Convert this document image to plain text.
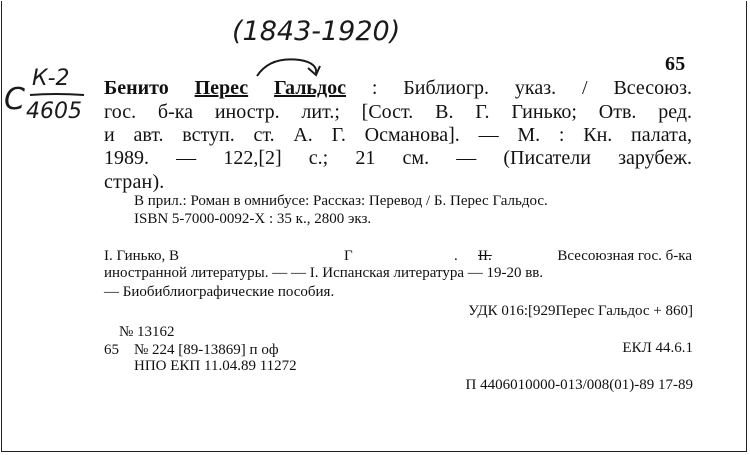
(1843-1920)
К-2
С 4605
65
Бенито Перес Гальдос : Библиогр. указ. / Всесоюз.
гос. б-ка иностр. лит.; [Сост. В. Г. Гинько; Отв. ред.
и авт. вступ. ст. А. Г. Османова]. — М. : Кн. палата,
1989. — 122,[2] с.; 21 см. — (Писатели зарубеж.
стран).
В прил.: Роман в омнибусе: Рассказ: Перевод / Б. Перес Гальдос.
ISBN 5-7000-0092-X : 35 к., 2800 экз.
I. Гинько, В	Г	. II.	Всесоюзная гос. б-ка
иностранной литературы. — — I. Испанская литература — 19-20 вв.
— Биобиблиографические пособия.
УДК 016:[929Перес Гальдос + 860]
№ 13162
65 № 224 [89-13869] п оф	ЕКЛ 44.6.1
НПО ЕКП 11.04.89 11272
П 4406010000-013/008(01)-89 17-89
